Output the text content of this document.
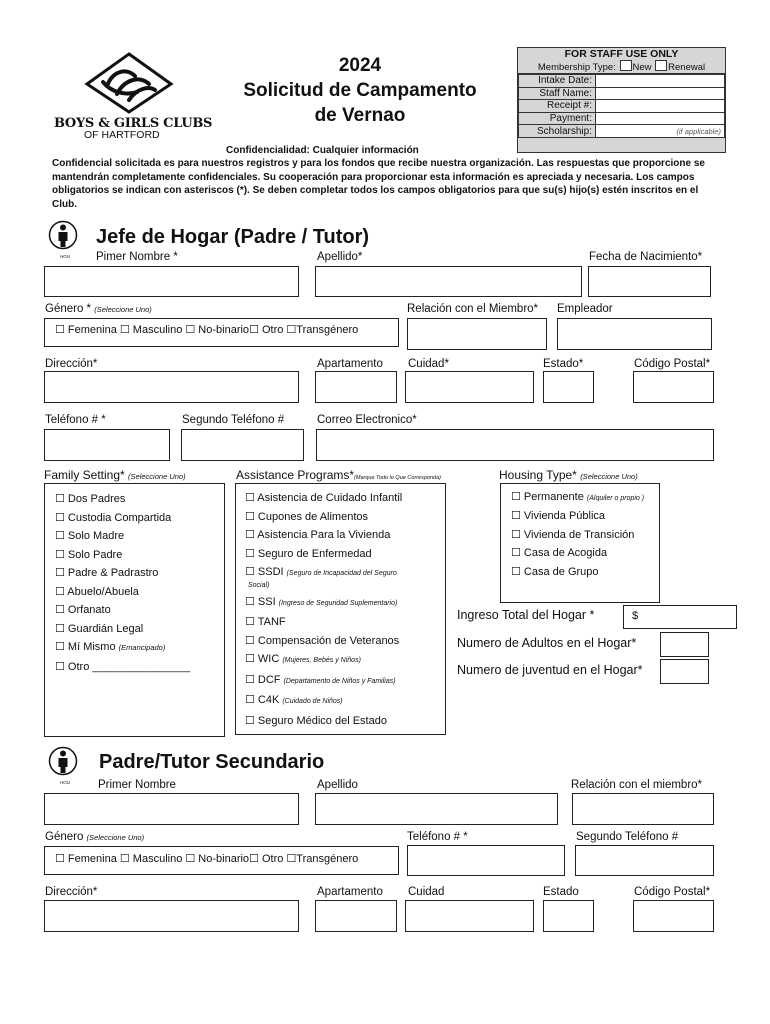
BOYS & GIRLS CLUBS
OF HARTFORD
2024
Solicitud de Campamento
de Vernao
FOR STAFF USE ONLY
Membership Type: New Renewal
Intake Date:	
Staff Name:	
Receipt #:	
Payment:	
Scholarship:	(if applicable)
Confidencialidad: Cualquier información
Confidencial solicitada es para nuestros registros y para los fondos que recibe nuestra organización. Las respuestas que proporcione se mantendrán completamente confidenciales. Su cooperación para proporcionar esta información es apreciada y necesaria. Los campos obligatorios se indican con asteriscos (*). Se deben completar todos los campos obligatorios para que su(s) hijo(s) estén inscritos en el Club.
HOU
Jefe de Hogar (Padre / Tutor)
Pimer Nombre *	Apellido*	Fecha de Nacimiento*
Género * (Seleccione Uno)	Relación con el Miembro* Empleador
☐ Femenina ☐ Masculino ☐ No-binario☐ Otro ☐Transgénero
Dirección*	Apartamento Cuidad*	Estado*	Código Postal*
Teléfono # *	Segundo Teléfono #	Correo Electronico*
Family Setting* (Seleccione Uno)	Assistance Programs*(Marque Todo lo Que Corresponda)	Housing Type* (Seleccione Uno)
☐ Dos Padres
☐ Custodia Compartida
☐ Solo Madre
☐ Solo Padre
☐ Padre & Padrastro
☐ Abuelo/Abuela
☐ Orfanato
☐ Guardián Legal
☐ Mí Mismo (Emancipado)
☐ Otro ________________
☐ Asistencia de Cuidado Infantil
☐ Cupones de Alimentos
☐ Asistencia Para la Vivienda
☐ Seguro de Enfermedad
☐ SSDI (Seguro de Incapacidad del Seguro
Social)
☐ SSI (Ingreso de Seguridad Suplementario)
☐ TANF
☐ Compensación de Veteranos
☐ WIC (Mujeres, Bebés y Niños)
☐ DCF (Departamento de Niños y Familias)
☐ C4K (Cuidado de Niños)
☐ Seguro Médico del Estado
☐ Permanente (Alquiler o propio )
☐ Vivienda Pública
☐ Vivienda de Transición
☐ Casa de Acogida
☐ Casa de Grupo
Ingreso Total del Hogar *	$
Numero de Adultos en el Hogar*
Numero de juventud en el Hogar*
HOU
Padre/Tutor Secundario
Primer Nombre	Apellido	Relación con el miembro*
Género (Seleccione Uno)	Teléfono # *	Segundo Teléfono #
☐ Femenina ☐ Masculino ☐ No-binario☐ Otro ☐Transgénero
Dirección*	Apartamento Cuidad	Estado	Código Postal*
